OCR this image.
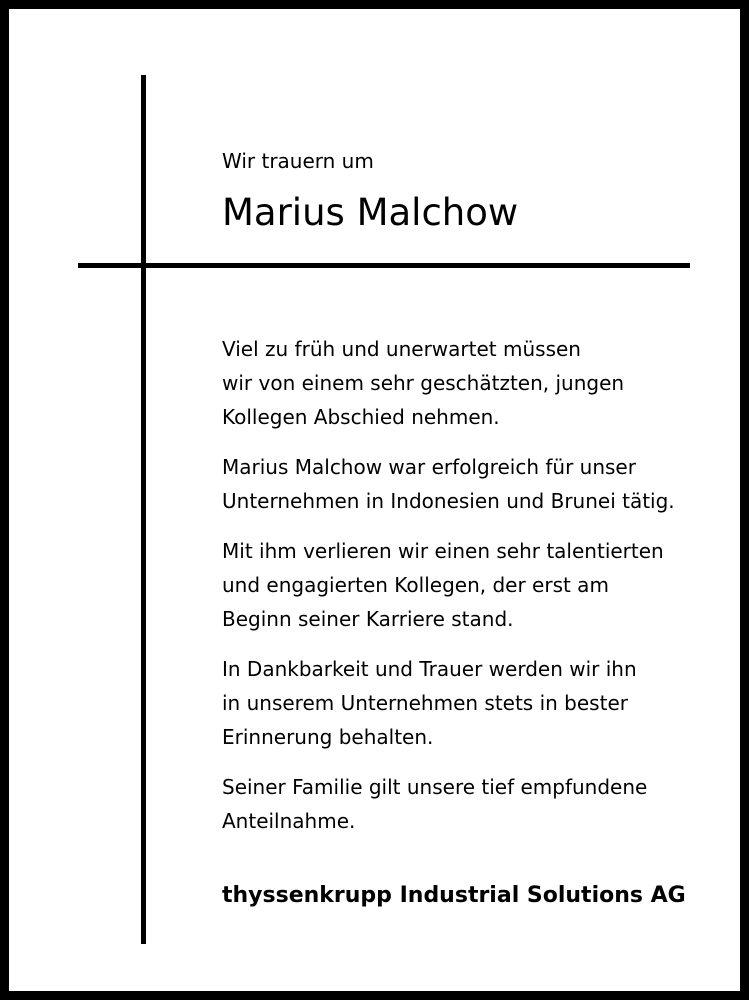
Wir trauern um
Marius Malchow

Viel zu früh und unerwartet müssen
wir von einem sehr geschätzten, jungen
Kollegen Abschied nehmen.

Marius Malchow war erfolgreich für unser
Unternehmen in Indonesien und Brunei tätig.

Mit ihm verlieren wir einen sehr talentierten
und engagierten Kollegen, der erst am
Beginn seiner Karriere stand.

In Dankbarkeit und Trauer werden wir ihn
in unserem Unternehmen stets in bester
Erinnerung behalten.

Seiner Familie gilt unsere tief empfundene
Anteilnahme.

thyssenkrupp Industrial Solutions AG
